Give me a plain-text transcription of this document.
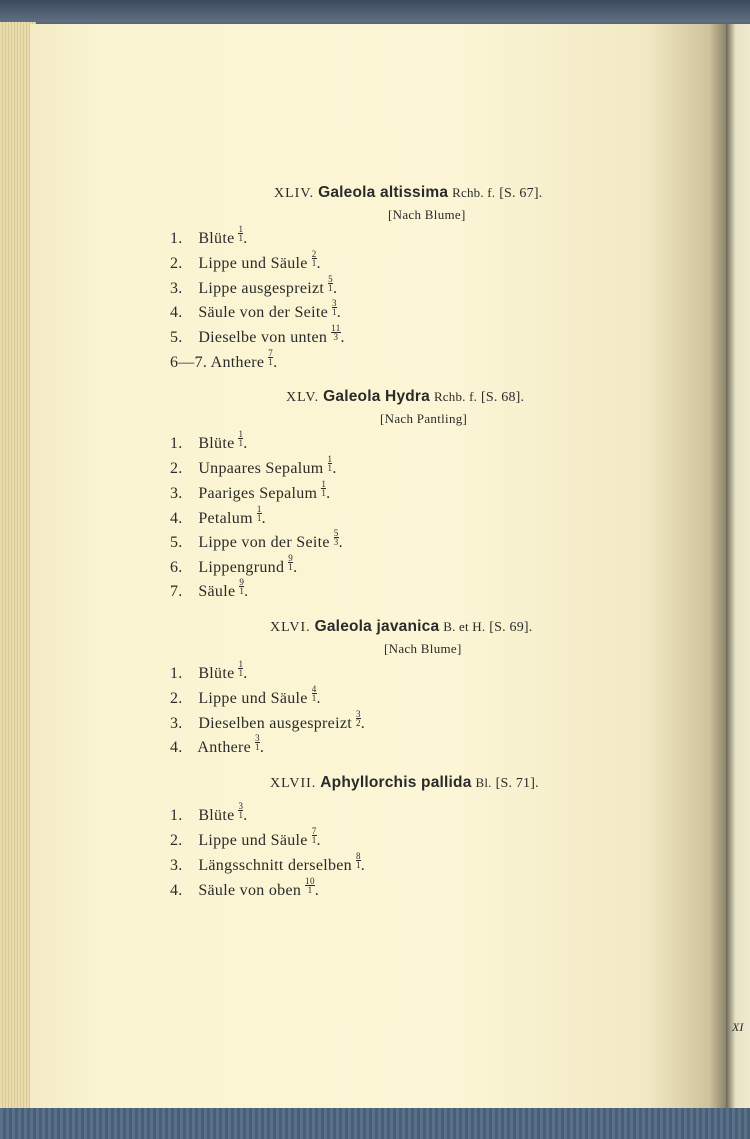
XLIV. Galeola altissima Rchb. f. [S. 67].
[Nach Blume]
1. Blüte $\frac{1}{1}$ .
2. Lippe und Säule $\frac{2}{1}$ .
3. Lippe ausgespreizt $\frac{5}{1}$ .
4. Säule von der Seite $\frac{3}{1}$ .
5. Dieselbe von unten $\frac{11}{3}$ .
6—7. Anthere $\frac{7}{1}$ .
XLV. Galeola Hydra Rchb. f. [S. 68].
[Nach Pantling]
1. Blüte $\frac{1}{1}$ .
2. Unpaares Sepalum $\frac{1}{1}$ .
3. Paariges Sepalum $\frac{1}{1}$ .
4. Petalum $\frac{1}{1}$ .
5. Lippe von der Seite $\frac{5}{3}$ .
6. Lippengrund $\frac{9}{1}$ .
7. Säule $\frac{9}{1}$ .
XLVI. Galeola javanica B. et H. [S. 69].
[Nach Blume]
1. Blüte $\frac{1}{1}$ .
2. Lippe und Säule $\frac{4}{1}$ .
3. Dieselben ausgespreizt $\frac{3}{2}$ .
4. Anthere $\frac{3}{1}$ .
XLVII. Aphyllorchis pallida Bl. [S. 71].
1. Blüte $\frac{3}{1}$ .
2. Lippe und Säule $\frac{7}{1}$ .
3. Längsschnitt derselben $\frac{8}{1}$ .
4. Säule von oben $\frac{10}{1}$ .
XI
